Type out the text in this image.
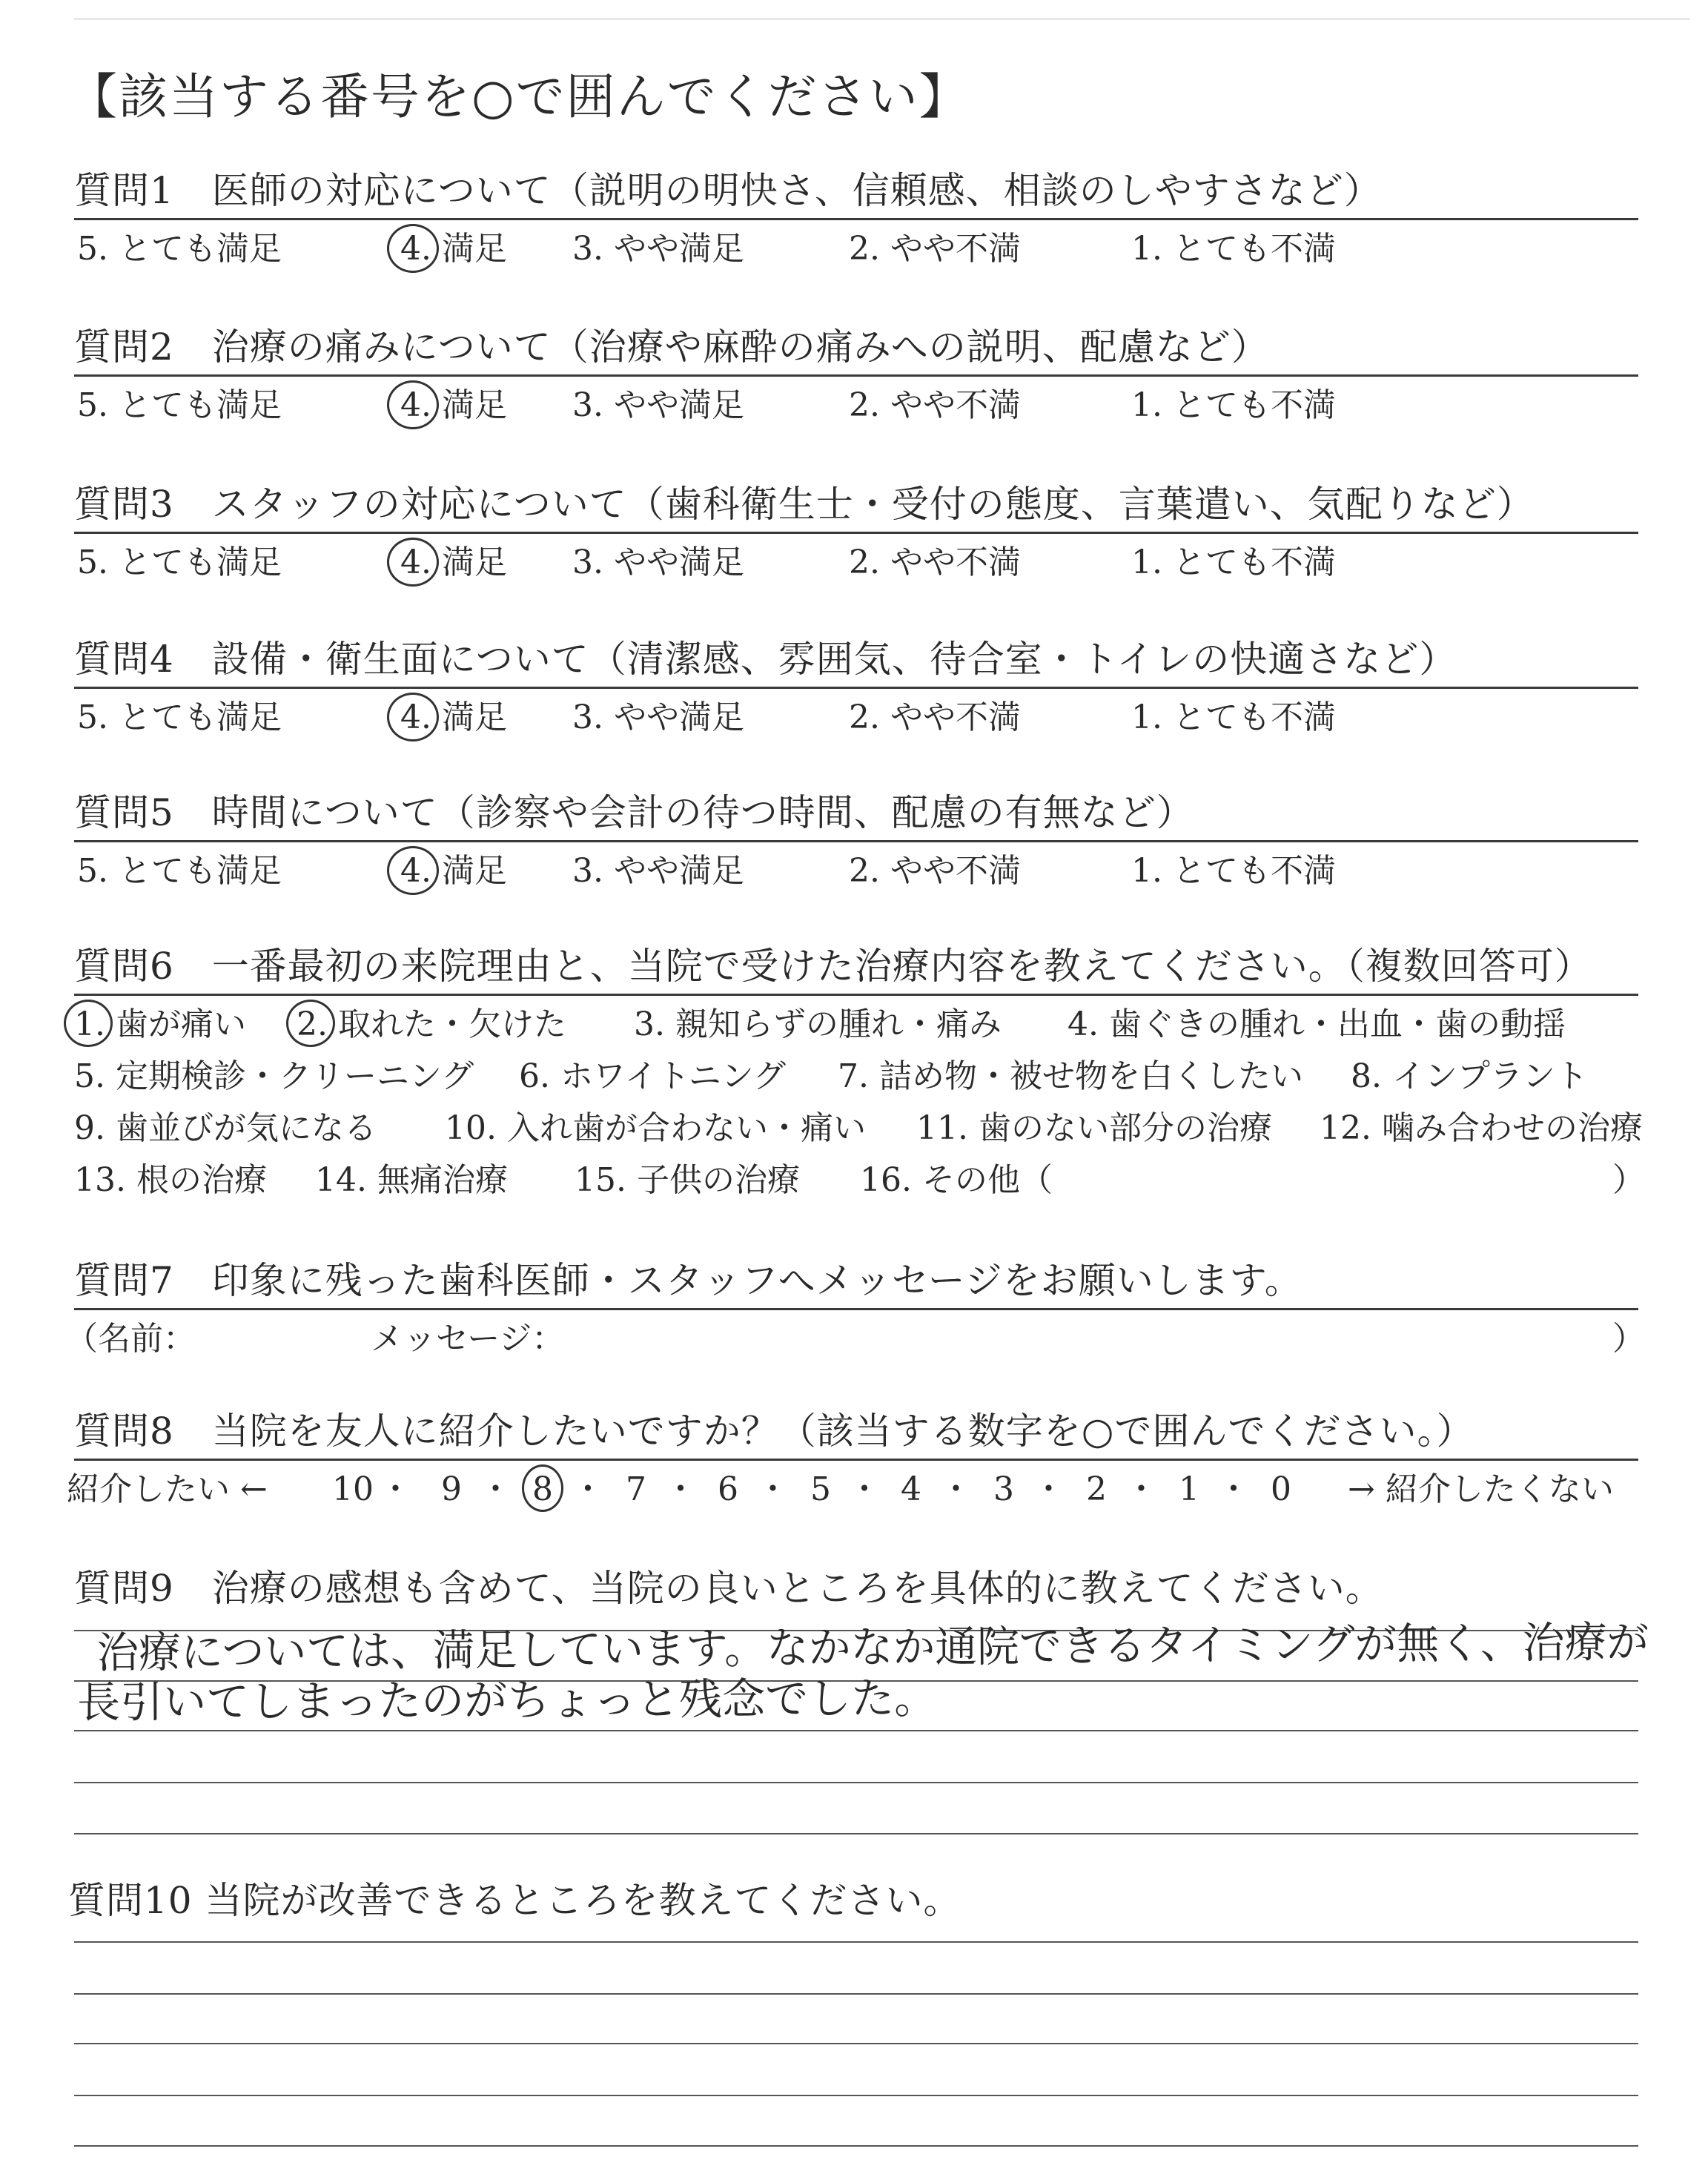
【該当する番号を○で囲んでください】
質問1　医師の対応について（説明の明快さ、信頼感、相談のしやすさなど）
5. とても満足	4. 満足 3. やや満足	2. やや不満	1. とても不満
質問2　治療の痛みについて（治療や麻酔の痛みへの説明、配慮など）
5. とても満足	4. 満足 3. やや満足	2. やや不満	1. とても不満
質問3　スタッフの対応について（歯科衛生士・受付の態度、言葉遣い、気配りなど）
5. とても満足	4. 満足 3. やや満足	2. やや不満	1. とても不満
質問4　設備・衛生面について（清潔感、雰囲気、待合室・トイレの快適さなど）
5. とても満足	4. 満足 3. やや満足	2. やや不満	1. とても不満
質問5　時間について（診察や会計の待つ時間、配慮の有無など）
5. とても満足	4. 満足 3. やや満足	2. やや不満	1. とても不満
質問6　一番最初の来院理由と、当院で受けた治療内容を教えてください。（複数回答可）
1. 歯が痛い 2. 取れた・欠けた 3. 親知らずの腫れ・痛み 4. 歯ぐきの腫れ・出血・歯の動揺
5. 定期検診・クリーニング 6. ホワイトニング 7. 詰め物・被せ物を白くしたい 8. インプラント
9. 歯並びが気になる 10. 入れ歯が合わない・痛い 11. 歯のない部分の治療 12. 噛み合わせの治療
13. 根の治療 14. 無痛治療 15. 子供の治療 16. その他（	）
質問7　印象に残った歯科医師・スタッフへメッセージをお願いします。
（名前：	メッセージ：	）
質問8　当院を友人に紹介したいですか？（該当する数字を○で囲んでください。）
紹介したい ←	→ 紹介したくない
10 ・ 9 ・ 8 ・ 7 ・ 6 ・ 5 ・ 4 ・ 3 ・ 2 ・ 1 ・ 0
質問9　治療の感想も含めて、当院の良いところを具体的に教えてください。
治療については、満足しています。なかなか通院できるタイミングが無く、治療が
長引いてしまったのがちょっと残念でした。
質問10 当院が改善できるところを教えてください。
